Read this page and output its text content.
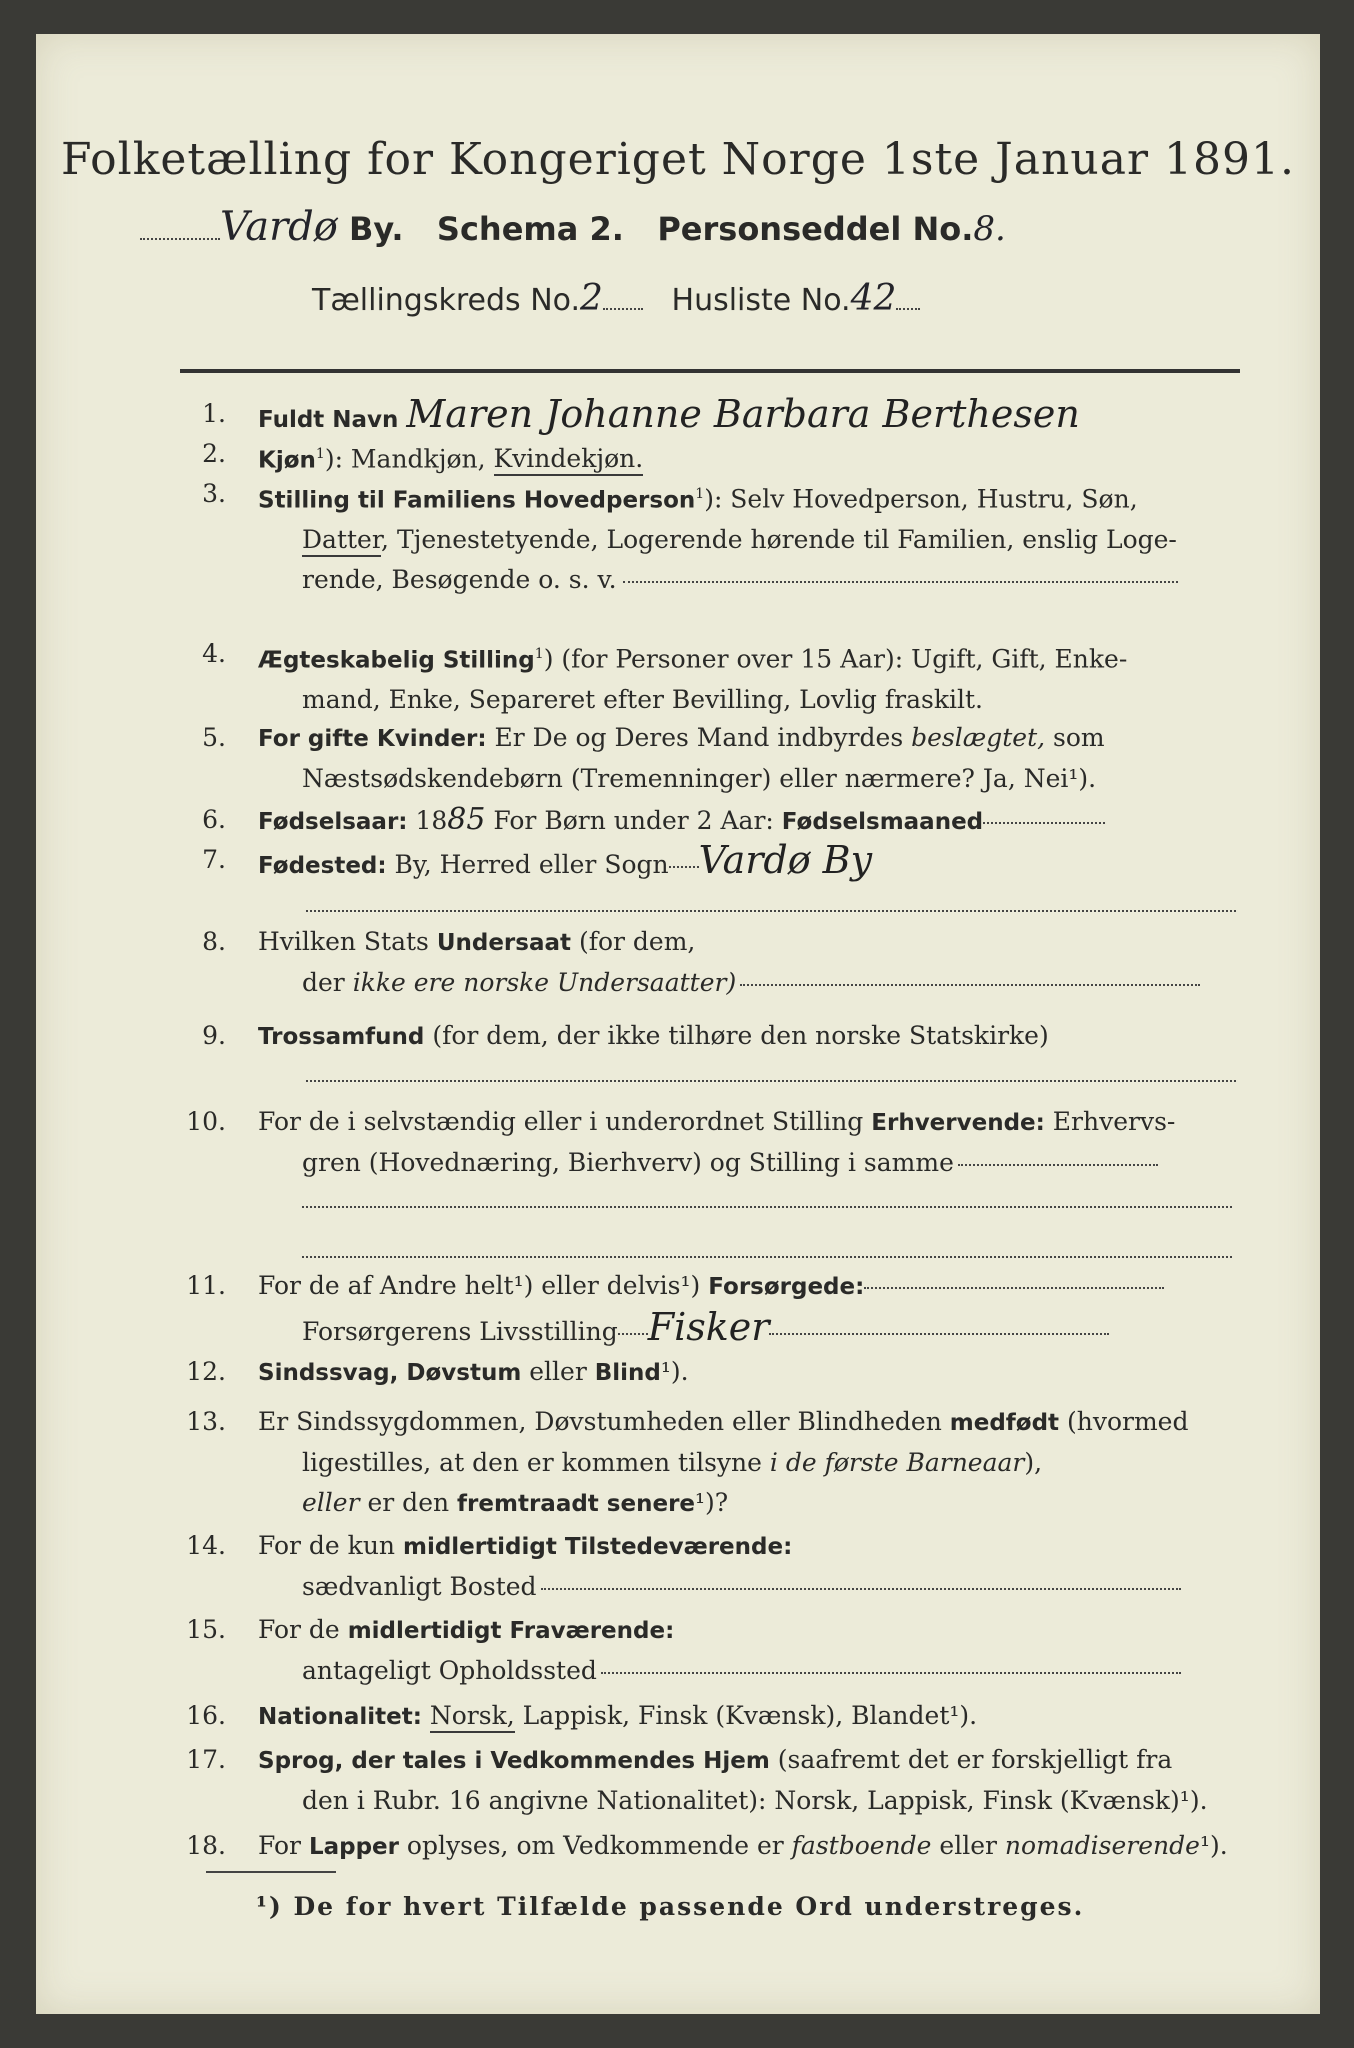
Folketælling for Kongeriget Norge 1ste Januar 1891.
Vardø By. Schema 2. Personseddel No.8.
Tællingskreds No.2 Husliste No.42
1. Fuldt Navn Maren Johanne Barbara Berthesen
2. Kjøn$^1$): Mandkjøn, Kvindekjøn.
3. Stilling til Familiens Hovedperson$^1$): Selv Hovedperson, Hustru, Søn,
Datter, Tjenestetyende, Logerende hørende til Familien, enslig Loge-
rende, Besøgende o. s. v.
4. Ægteskabelig Stilling$^1$) (for Personer over 15 Aar): Ugift, Gift, Enke-
mand, Enke, Separeret efter Bevilling, Lovlig fraskilt.
5. For gifte Kvinder: Er De og Deres Mand indbyrdes beslægtet, som
Næstsødskendebørn (Tremenninger) eller nærmere? Ja, Nei¹).
6. Fødselsaar: 1885 For Børn under 2 Aar: Fødselsmaaned
7. Fødested: By, Herred eller Sogn Vardø By
8. Hvilken Stats Undersaat (for dem,
der ikke ere norske Undersaatter)
9. Trossamfund (for dem, der ikke tilhøre den norske Statskirke)
10. For de i selvstændig eller i underordnet Stilling Erhvervende: Erhvervs-
gren (Hovednæring, Bierhverv) og Stilling i samme
11. For de af Andre helt¹) eller delvis¹) Forsørgede:
Forsørgerens Livsstilling Fisker
12. Sindssvag, Døvstum eller Blind¹).
13. Er Sindssygdommen, Døvstumheden eller Blindheden medfødt (hvormed
ligestilles, at den er kommen tilsyne i de første Barneaar),
eller er den fremtraadt senere¹)?
14. For de kun midlertidigt Tilstedeværende:
sædvanligt Bosted
15. For de midlertidigt Fraværende:
antageligt Opholdssted
16. Nationalitet: Norsk, Lappisk, Finsk (Kvænsk), Blandet¹).
17. Sprog, der tales i Vedkommendes Hjem (saafremt det er forskjelligt fra
den i Rubr. 16 angivne Nationalitet): Norsk, Lappisk, Finsk (Kvænsk)¹).
18. For Lapper oplyses, om Vedkommende er fastboende eller nomadiserende¹).
¹) De for hvert Tilfælde passende Ord understreges.
